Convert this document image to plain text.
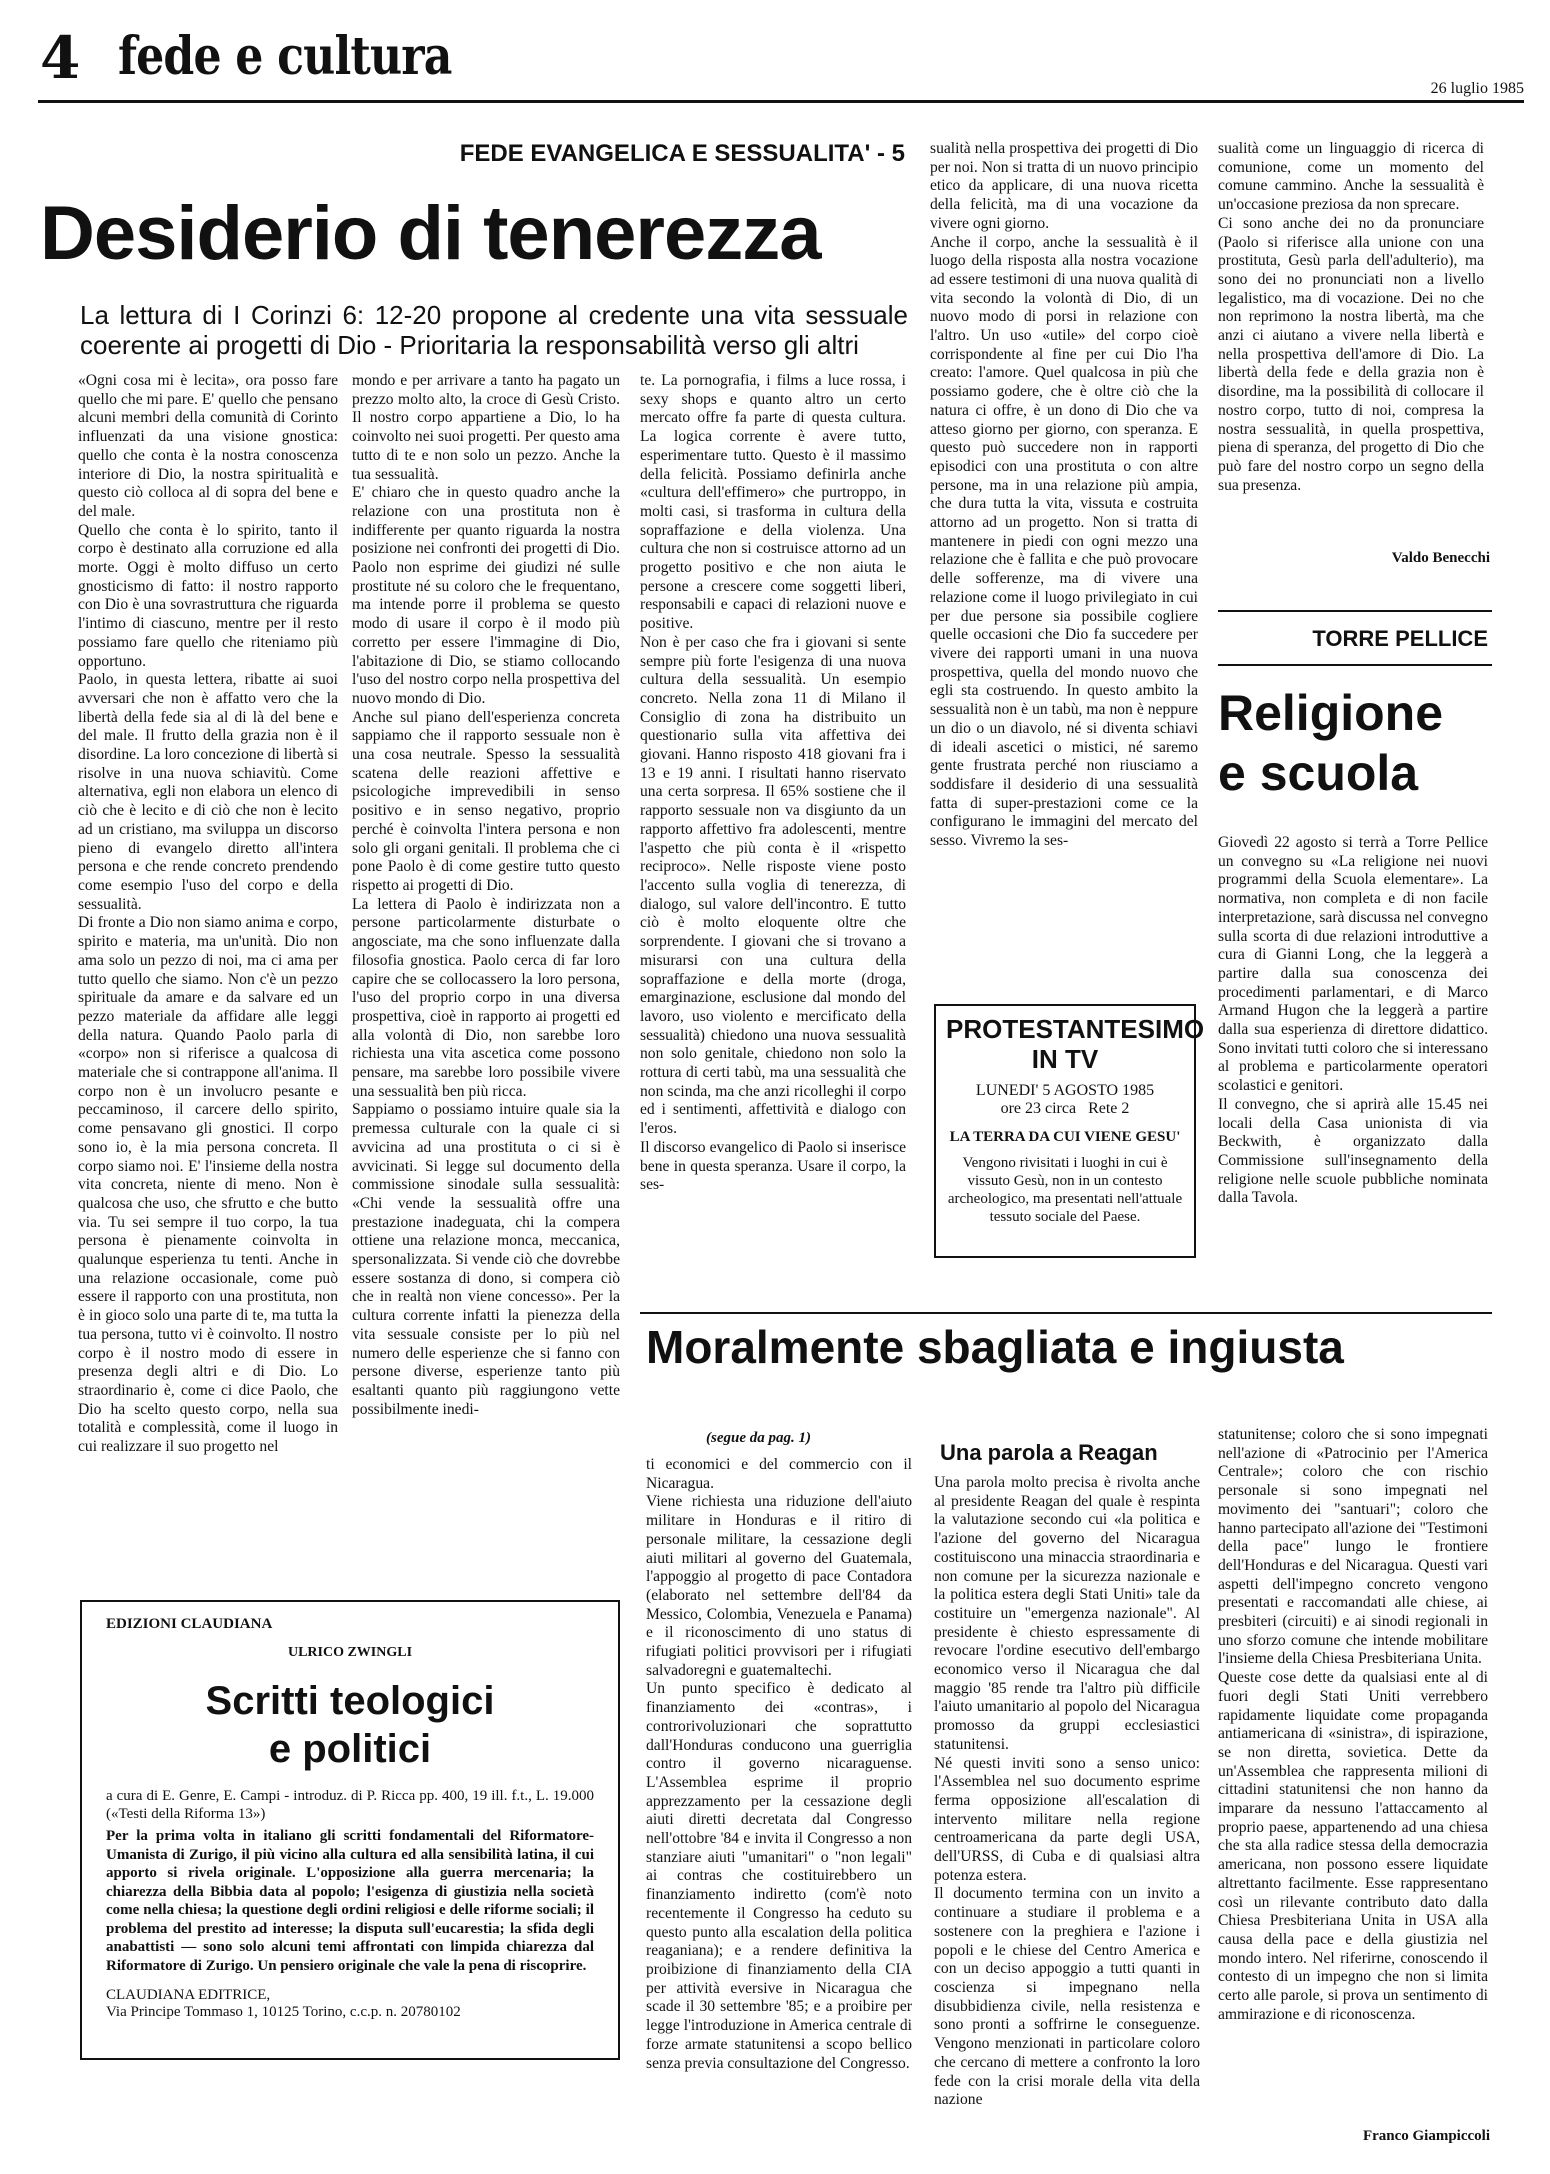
4 fede e cultura
26 luglio 1985
FEDE EVANGELICA E SESSUALITA' - 5
Desiderio di tenerezza
La lettura di I Corinzi 6: 12-20 propone al credente una vita sessuale coerente ai progetti di Dio - Prioritaria la responsabilità verso gli altri
«Ogni cosa mi è lecita», ora posso fare quello che mi pare. E' quello che pensano alcuni membri della comunità di Corinto influenzati da una visione gnostica: quello che conta è la nostra conoscenza interiore di Dio, la nostra spiritualità e questo ciò colloca al di sopra del bene e del male.
Quello che conta è lo spirito, tanto il corpo è destinato alla corruzione ed alla morte. Oggi è molto diffuso un certo gnosticismo di fatto: il nostro rapporto con Dio è una sovrastruttura che riguarda l'intimo di ciascuno, mentre per il resto possiamo fare quello che riteniamo più opportuno.
Paolo, in questa lettera, ribatte ai suoi avversari che non è affatto vero che la libertà della fede sia al di là del bene e del male. Il frutto della grazia non è il disordine. La loro concezione di libertà si risolve in una nuova schiavitù. Come alternativa, egli non elabora un elenco di ciò che è lecito e di ciò che non è lecito ad un cristiano, ma sviluppa un discorso pieno di evangelo diretto all'intera persona e che rende concreto prendendo come esempio l'uso del corpo e della sessualità.
Di fronte a Dio non siamo anima e corpo, spirito e materia, ma un'unità. Dio non ama solo un pezzo di noi, ma ci ama per tutto quello che siamo. Non c'è un pezzo spirituale da amare e da salvare ed un pezzo materiale da affidare alle leggi della natura. Quando Paolo parla di «corpo» non si riferisce a qualcosa di materiale che si contrappone all'anima. Il corpo non è un involucro pesante e peccaminoso, il carcere dello spirito, come pensavano gli gnostici. Il corpo sono io, è la mia persona concreta. Il corpo siamo noi. E' l'insieme della nostra vita concreta, niente di meno. Non è qualcosa che uso, che sfrutto e che butto via. Tu sei sempre il tuo corpo, la tua persona è pienamente coinvolta in qualunque esperienza tu tenti. Anche in una relazione occasionale, come può essere il rapporto con una prostituta, non è in gioco solo una parte di te, ma tutta la tua persona, tutto vi è coinvolto. Il nostro corpo è il nostro modo di essere in presenza degli altri e di Dio. Lo straordinario è, come ci dice Paolo, che Dio ha scelto questo corpo, nella sua totalità e complessità, come il luogo in cui realizzare il suo progetto nel
mondo e per arrivare a tanto ha pagato un prezzo molto alto, la croce di Gesù Cristo. Il nostro corpo appartiene a Dio, lo ha coinvolto nei suoi progetti. Per questo ama tutto di te e non solo un pezzo. Anche la tua sessualità.
E' chiaro che in questo quadro anche la relazione con una prostituta non è indifferente per quanto riguarda la nostra posizione nei confronti dei progetti di Dio. Paolo non esprime dei giudizi né sulle prostitute né su coloro che le frequentano, ma intende porre il problema se questo modo di usare il corpo è il modo più corretto per essere l'immagine di Dio, l'abitazione di Dio, se stiamo collocando l'uso del nostro corpo nella prospettiva del nuovo mondo di Dio.
Anche sul piano dell'esperienza concreta sappiamo che il rapporto sessuale non è una cosa neutrale. Spesso la sessualità scatena delle reazioni affettive e psicologiche imprevedibili in senso positivo e in senso negativo, proprio perché è coinvolta l'intera persona e non solo gli organi genitali. Il problema che ci pone Paolo è di come gestire tutto questo rispetto ai progetti di Dio.
La lettera di Paolo è indirizzata non a persone particolarmente disturbate o angosciate, ma che sono influenzate dalla filosofia gnostica. Paolo cerca di far loro capire che se collocassero la loro persona, l'uso del proprio corpo in una diversa prospettiva, cioè in rapporto ai progetti ed alla volontà di Dio, non sarebbe loro richiesta una vita ascetica come possono pensare, ma sarebbe loro possibile vivere una sessualità ben più ricca.
Sappiamo o possiamo intuire quale sia la premessa culturale con la quale ci si avvicina ad una prostituta o ci si è avvicinati. Si legge sul documento della commissione sinodale sulla sessualità: «Chi vende la sessualità offre una prestazione inadeguata, chi la compera ottiene una relazione monca, meccanica, spersonalizzata. Si vende ciò che dovrebbe essere sostanza di dono, si compera ciò che in realtà non viene concesso». Per la cultura corrente infatti la pienezza della vita sessuale consiste per lo più nel numero delle esperienze che si fanno con persone diverse, esperienze tanto più esaltanti quanto più raggiungono vette possibilmente inedi-
te. La pornografia, i films a luce rossa, i sexy shops e quanto altro un certo mercato offre fa parte di questa cultura. La logica corrente è avere tutto, esperimentare tutto. Questo è il massimo della felicità. Possiamo definirla anche «cultura dell'effimero» che purtroppo, in molti casi, si trasforma in cultura della sopraffazione e della violenza. Una cultura che non si costruisce attorno ad un progetto positivo e che non aiuta le persone a crescere come soggetti liberi, responsabili e capaci di relazioni nuove e positive.
Non è per caso che fra i giovani si sente sempre più forte l'esigenza di una nuova cultura della sessualità. Un esempio concreto. Nella zona 11 di Milano il Consiglio di zona ha distribuito un questionario sulla vita affettiva dei giovani. Hanno risposto 418 giovani fra i 13 e 19 anni. I risultati hanno riservato una certa sorpresa. Il 65% sostiene che il rapporto sessuale non va disgiunto da un rapporto affettivo fra adolescenti, mentre l'aspetto che più conta è il «rispetto reciproco». Nelle risposte viene posto l'accento sulla voglia di tenerezza, di dialogo, sul valore dell'incontro. E tutto ciò è molto eloquente oltre che sorprendente. I giovani che si trovano a misurarsi con una cultura della sopraffazione e della morte (droga, emarginazione, esclusione dal mondo del lavoro, uso violento e mercificato della sessualità) chiedono una nuova sessualità non solo genitale, chiedono non solo la rottura di certi tabù, ma una sessualità che non scinda, ma che anzi ricolleghi il corpo ed i sentimenti, affettività e dialogo con l'eros.
Il discorso evangelico di Paolo si inserisce bene in questa speranza. Usare il corpo, la ses-
sualità nella prospettiva dei progetti di Dio per noi. Non si tratta di un nuovo principio etico da applicare, di una nuova ricetta della felicità, ma di una vocazione da vivere ogni giorno.
Anche il corpo, anche la sessualità è il luogo della risposta alla nostra vocazione ad essere testimoni di una nuova qualità di vita secondo la volontà di Dio, di un nuovo modo di porsi in relazione con l'altro. Un uso «utile» del corpo cioè corrispondente al fine per cui Dio l'ha creato: l'amore. Quel qualcosa in più che possiamo godere, che è oltre ciò che la natura ci offre, è un dono di Dio che va atteso giorno per giorno, con speranza. E questo può succedere non in rapporti episodici con una prostituta o con altre persone, ma in una relazione più ampia, che dura tutta la vita, vissuta e costruita attorno ad un progetto. Non si tratta di mantenere in piedi con ogni mezzo una relazione che è fallita e che può provocare delle sofferenze, ma di vivere una relazione come il luogo privilegiato in cui per due persone sia possibile cogliere quelle occasioni che Dio fa succedere per vivere dei rapporti umani in una nuova prospettiva, quella del mondo nuovo che egli sta costruendo. In questo ambito la sessualità non è un tabù, ma non è neppure un dio o un diavolo, né si diventa schiavi di ideali ascetici o mistici, né saremo gente frustrata perché non riusciamo a soddisfare il desiderio di una sessualità fatta di super-prestazioni come ce la configurano le immagini del mercato del sesso. Vivremo la ses-
sualità come un linguaggio di ricerca di comunione, come un momento del comune cammino. Anche la sessualità è un'occasione preziosa da non sprecare.
Ci sono anche dei no da pronunciare (Paolo si riferisce alla unione con una prostituta, Gesù parla dell'adulterio), ma sono dei no pronunciati non a livello legalistico, ma di vocazione. Dei no che non reprimono la nostra libertà, ma che anzi ci aiutano a vivere nella libertà e nella prospettiva dell'amore di Dio. La libertà della fede e della grazia non è disordine, ma la possibilità di collocare il nostro corpo, tutto di noi, compresa la nostra sessualità, in quella prospettiva, piena di speranza, del progetto di Dio che può fare del nostro corpo un segno della sua presenza.
Valdo Benecchi
TORRE PELLICE
Religione
e scuola
Giovedì 22 agosto si terrà a Torre Pellice un convegno su «La religione nei nuovi programmi della Scuola elementare». La normativa, non completa e di non facile interpretazione, sarà discussa nel convegno sulla scorta di due relazioni introduttive a cura di Gianni Long, che la leggerà a partire dalla sua conoscenza dei procedimenti parlamentari, e di Marco Armand Hugon che la leggerà a partire dalla sua esperienza di direttore didattico. Sono invitati tutti coloro che si interessano al problema e particolarmente operatori scolastici e genitori.
Il convegno, che si aprirà alle 15.45 nei locali della Casa unionista di via Beckwith, è organizzato dalla Commissione sull'insegnamento della religione nelle scuole pubbliche nominata dalla Tavola.
PROTESTANTESIMO IN TV
LUNEDI' 5 AGOSTO 1985
ore 23 circa   Rete 2
LA TERRA DA CUI VIENE GESU'
Vengono rivisitati i luoghi in cui è vissuto Gesù, non in un contesto archeologico, ma presentati nell'attuale tessuto sociale del Paese.
Moralmente sbagliata e ingiusta
(segue da pag. 1)
Una parola a Reagan
ti economici e del commercio con il Nicaragua.
Viene richiesta una riduzione dell'aiuto militare in Honduras e il ritiro di personale militare, la cessazione degli aiuti militari al governo del Guatemala, l'appoggio al progetto di pace Contadora (elaborato nel settembre dell'84 da Messico, Colombia, Venezuela e Panama) e il riconoscimento di uno status di rifugiati politici provvisori per i rifugiati salvadoregni e guatemaltechi.
Un punto specifico è dedicato al finanziamento dei «contras», i controrivoluzionari che soprattutto dall'Honduras conducono una guerriglia contro il governo nicaraguense. L'Assemblea esprime il proprio apprezzamento per la cessazione degli aiuti diretti decretata dal Congresso nell'ottobre '84 e invita il Congresso a non stanziare aiuti "umanitari" o "non legali" ai contras che costituirebbero un finanziamento indiretto (com'è noto recentemente il Congresso ha ceduto su questo punto alla escalation della politica reaganiana); e a rendere definitiva la proibizione di finanziamento della CIA per attività eversive in Nicaragua che scade il 30 settembre '85; e a proibire per legge l'introduzione in America centrale di forze armate statunitensi a scopo bellico senza previa consultazione del Congresso.
Una parola molto precisa è rivolta anche al presidente Reagan del quale è respinta la valutazione secondo cui «la politica e l'azione del governo del Nicaragua costituiscono una minaccia straordinaria e non comune per la sicurezza nazionale e la politica estera degli Stati Uniti» tale da costituire un "emergenza nazionale". Al presidente è chiesto espressamente di revocare l'ordine esecutivo dell'embargo economico verso il Nicaragua che dal maggio '85 rende tra l'altro più difficile l'aiuto umanitario al popolo del Nicaragua promosso da gruppi ecclesiastici statunitensi.
Né questi inviti sono a senso unico: l'Assemblea nel suo documento esprime ferma opposizione all'escalation di intervento militare nella regione centroamericana da parte degli USA, dell'URSS, di Cuba e di qualsiasi altra potenza estera.
Il documento termina con un invito a continuare a studiare il problema e a sostenere con la preghiera e l'azione i popoli e le chiese del Centro America e con un deciso appoggio a tutti quanti in coscienza si impegnano nella disubbidienza civile, nella resistenza e sono pronti a soffrirne le conseguenze. Vengono menzionati in particolare coloro che cercano di mettere a confronto la loro fede con la crisi morale della vita della nazione
statunitense; coloro che si sono impegnati nell'azione di «Patrocinio per l'America Centrale»; coloro che con rischio personale si sono impegnati nel movimento dei "santuari"; coloro che hanno partecipato all'azione dei "Testimoni della pace" lungo le frontiere dell'Honduras e del Nicaragua. Questi vari aspetti dell'impegno concreto vengono presentati e raccomandati alle chiese, ai presbiteri (circuiti) e ai sinodi regionali in uno sforzo comune che intende mobilitare l'insieme della Chiesa Presbiteriana Unita.
Queste cose dette da qualsiasi ente al di fuori degli Stati Uniti verrebbero rapidamente liquidate come propaganda antiamericana di «sinistra», di ispirazione, se non diretta, sovietica. Dette da un'Assemblea che rappresenta milioni di cittadini statunitensi che non hanno da imparare da nessuno l'attaccamento al proprio paese, appartenendo ad una chiesa che sta alla radice stessa della democrazia americana, non possono essere liquidate altrettanto facilmente. Esse rappresentano così un rilevante contributo dato dalla Chiesa Presbiteriana Unita in USA alla causa della pace e della giustizia nel mondo intero. Nel riferirne, conoscendo il contesto di un impegno che non si limita certo alle parole, si prova un sentimento di ammirazione e di riconoscenza.
Franco Giampiccoli
EDIZIONI CLAUDIANA
ULRICO ZWINGLI
Scritti teologici
e politici
a cura di E. Genre, E. Campi - introduz. di P. Ricca pp. 400, 19 ill. f.t., L. 19.000 («Testi della Riforma 13»)
Per la prima volta in italiano gli scritti fondamentali del Riformatore-Umanista di Zurigo, il più vicino alla cultura ed alla sensibilità latina, il cui apporto si rivela originale. L'opposizione alla guerra mercenaria; la chiarezza della Bibbia data al popolo; l'esigenza di giustizia nella società come nella chiesa; la questione degli ordini religiosi e delle riforme sociali; il problema del prestito ad interesse; la disputa sull'eucarestia; la sfida degli anabattisti — sono solo alcuni temi affrontati con limpida chiarezza dal Riformatore di Zurigo. Un pensiero originale che vale la pena di riscoprire.
CLAUDIANA EDITRICE,
Via Principe Tommaso 1, 10125 Torino, c.c.p. n. 20780102
